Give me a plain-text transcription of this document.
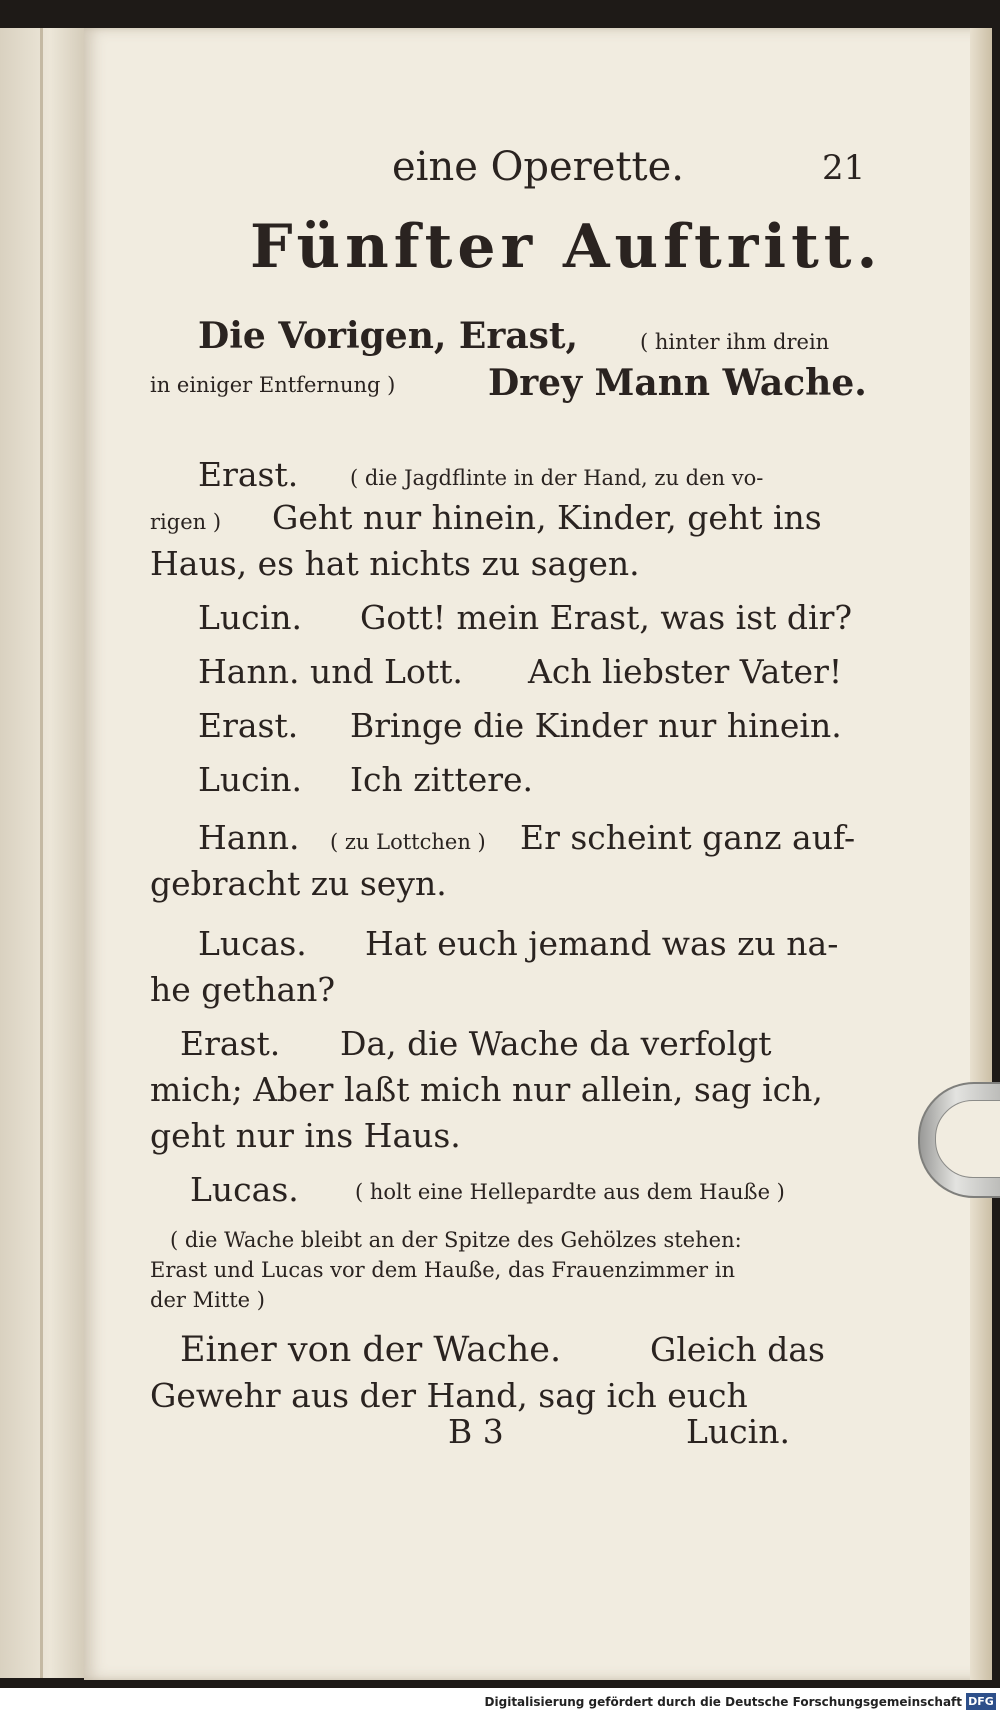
eine Operette.	21
Fünfter Auftritt.
Die Vorigen, Erast,	( hinter ihm drein
in einiger Entfernung )	Drey Mann Wache.
Erast. ( die Jagdflinte in der Hand, zu den vo-
rigen ) Geht nur hinein, Kinder, geht ins
Haus, es hat nichts zu sagen.
Lucin. Gott! mein Erast, was ist dir?
Hann. und Lott. Ach liebster Vater!
Erast. Bringe die Kinder nur hinein.
Lucin. Ich zittere.
Hann. ( zu Lottchen ) Er scheint ganz auf-
gebracht zu seyn.
Lucas. Hat euch jemand was zu na-
he gethan?
Erast. Da, die Wache da verfolgt
mich; Aber laßt mich nur allein, sag ich,
geht nur ins Haus.
Lucas.	( holt eine Hellepardte aus dem Hauße )
( die Wache bleibt an der Spitze des Gehölzes stehen:
Erast und Lucas vor dem Hauße, das Frauenzimmer in
der Mitte )
Einer von der Wache.	Gleich das
Gewehr aus der Hand, sag ich euch
B 3	Lucin.
Digitalisierung gefördert durch die Deutsche Forschungsgemeinschaft DFG
